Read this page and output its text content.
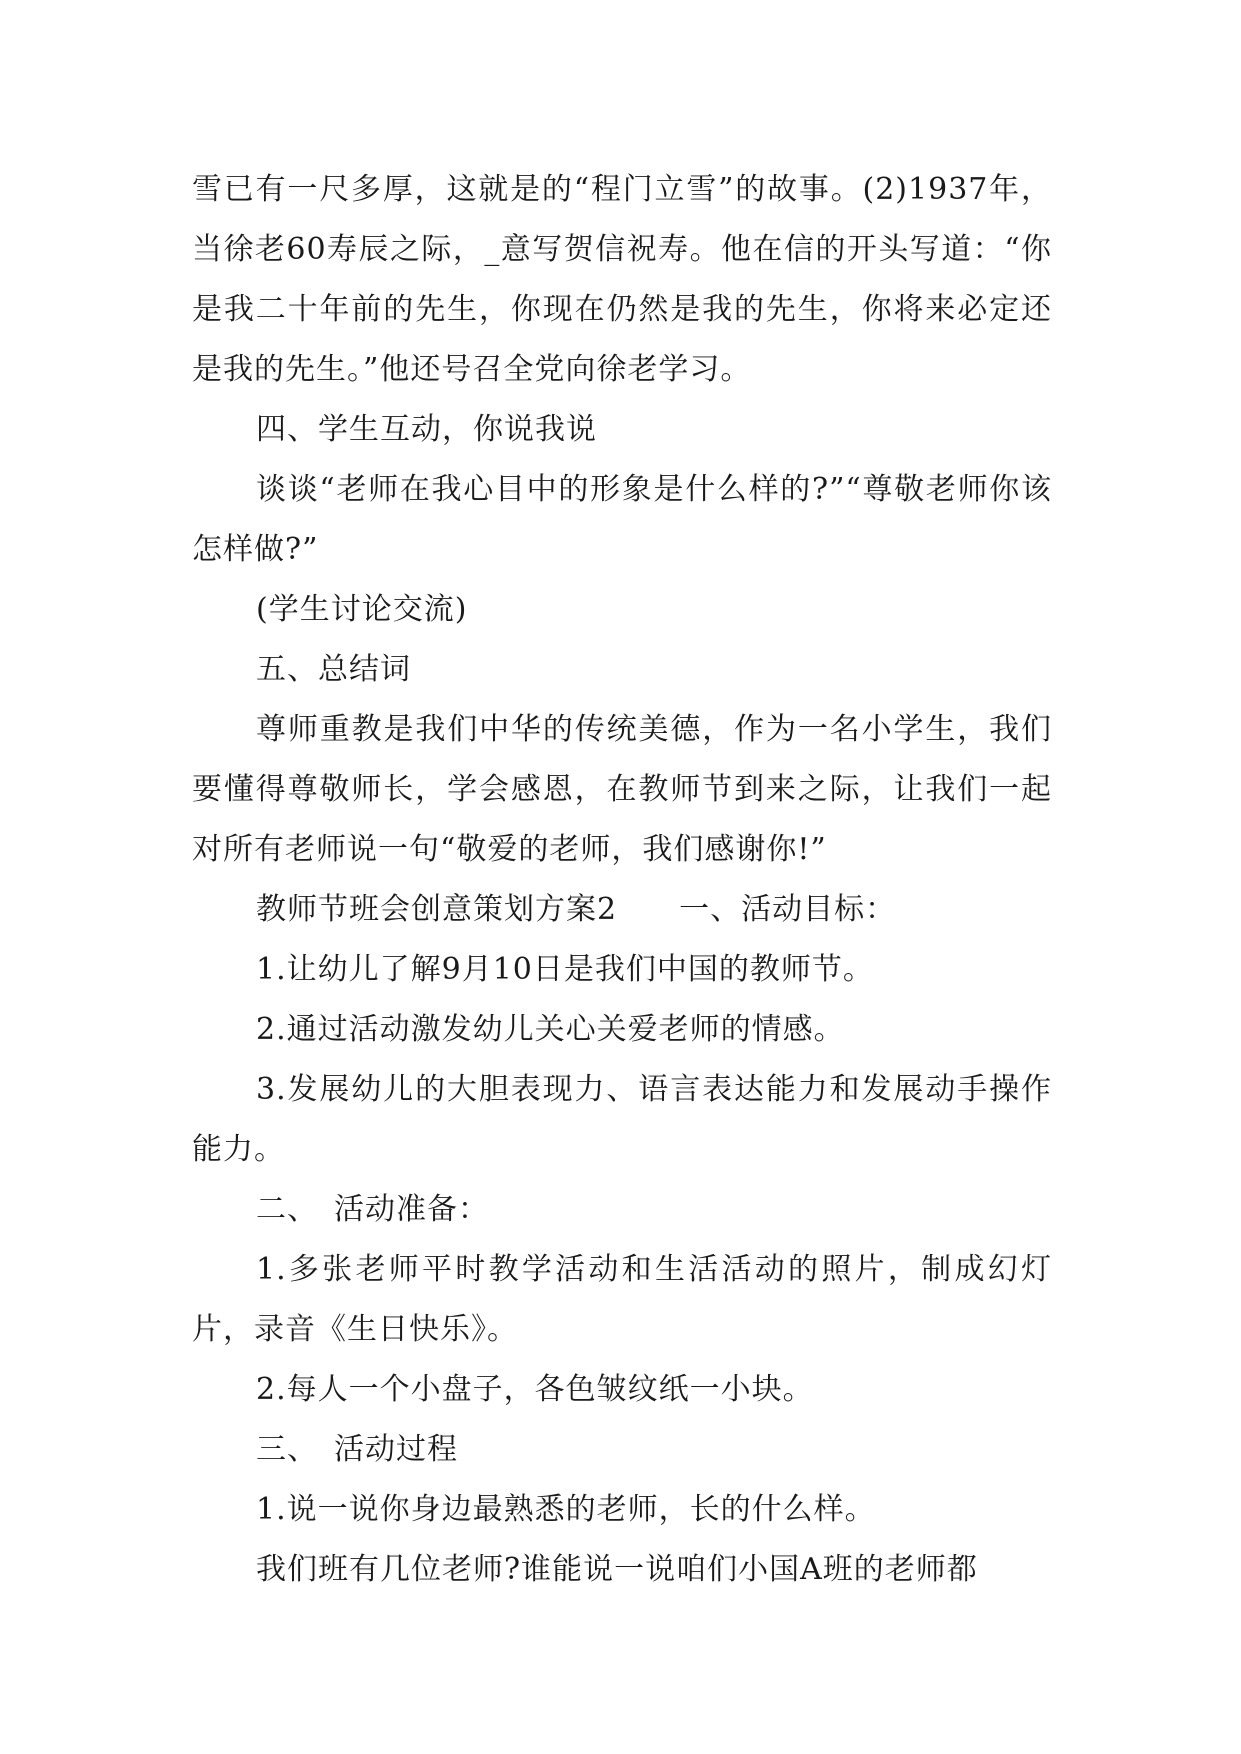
雪已有一尺多厚，这就是的“程门立雪”的故事。(2)1937年，当徐老60寿辰之际，_意写贺信祝寿。他在信的开头写道：“你是我二十年前的先生，你现在仍然是我的先生，你将来必定还是我的先生。”他还号召全党向徐老学习。

四、学生互动，你说我说

谈谈“老师在我心目中的形象是什么样的?”“尊敬老师你该怎样做?”

(学生讨论交流)

五、总结词

尊师重教是我们中华的传统美德，作为一名小学生，我们要懂得尊敬师长，学会感恩，在教师节到来之际，让我们一起对所有老师说一句“敬爱的老师，我们感谢你!”

教师节班会创意策划方案2　　一、活动目标：

1.让幼儿了解9月10日是我们中国的教师节。

2.通过活动激发幼儿关心关爱老师的情感。

3.发展幼儿的大胆表现力、语言表达能力和发展动手操作能力。

二、　活动准备：

1.多张老师平时教学活动和生活活动的照片，制成幻灯片，录音《生日快乐》。

2.每人一个小盘子，各色皱纹纸一小块。

三、　活动过程

1.说一说你身边最熟悉的老师，长的什么样。

我们班有几位老师?谁能说一说咱们小国A班的老师都
